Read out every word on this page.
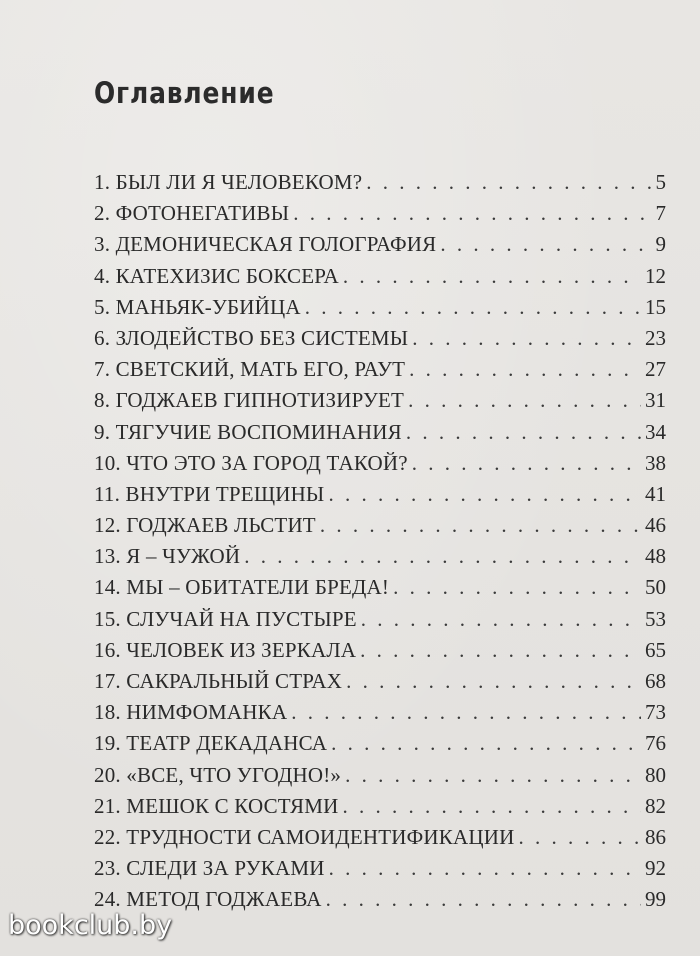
Оглавление
1. БЫЛ ЛИ Я ЧЕЛОВЕКОМ? . . .	5
2. ФОТОНЕГАТИВЫ . . .	7
3. ДЕМОНИЧЕСКАЯ ГОЛОГРАФИЯ . . .	9
4. КАТЕХИЗИС БОКСЕРА . . .	12
5. МАНЬЯК-УБИЙЦА . . .	15
6. ЗЛОДЕЙСТВО БЕЗ СИСТЕМЫ . . .	23
7. СВЕТСКИЙ, МАТЬ ЕГО, РАУТ . . .	27
8. ГОДЖАЕВ ГИПНОТИЗИРУЕТ . . .	31
9. ТЯГУЧИЕ ВОСПОМИНАНИЯ . . .	34
10. ЧТО ЭТО ЗА ГОРОД ТАКОЙ? . . .	38
11. ВНУТРИ ТРЕЩИНЫ . . .	41
12. ГОДЖАЕВ ЛЬСТИТ . . .	46
13. Я – ЧУЖОЙ . . .	48
14. МЫ – ОБИТАТЕЛИ БРЕДА! . . .	50
15. СЛУЧАЙ НА ПУСТЫРЕ . . .	53
16. ЧЕЛОВЕК ИЗ ЗЕРКАЛА . . .	65
17. САКРАЛЬНЫЙ СТРАХ . . .	68
18. НИМФОМАНКА . . .	73
19. ТЕАТР ДЕКАДАНСА . . .	76
20. «ВСЕ, ЧТО УГОДНО!» . . .	80
21. МЕШОК С КОСТЯМИ . . .	82
22. ТРУДНОСТИ САМОИДЕНТИФИКАЦИИ . . .	86
23. СЛЕДИ ЗА РУКАМИ . . .	92
24. МЕТОД ГОДЖАЕВА . . .	99
bookclub.by
